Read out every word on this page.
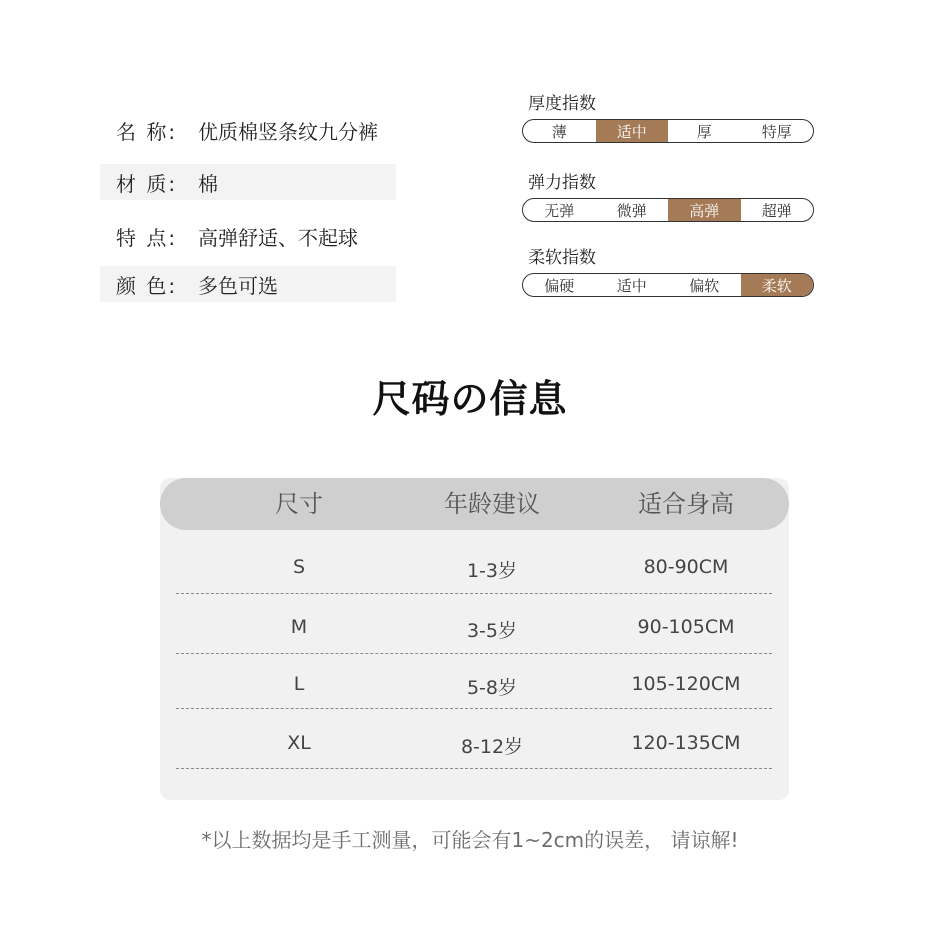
名 称:	优质棉竖条纹九分裤
材 质:	棉
特 点:	高弹舒适、不起球
颜 色:	多色可选
厚度指数
薄	适中	厚	特厚
弹力指数
无弹	微弹	高弹	超弹
柔软指数
偏硬	适中	偏软	柔软
尺码の信息
尺寸	年龄建议	适合身高
S	1-3岁	80-90CM
M	3-5岁	90-105CM
L	5-8岁	105-120CM
XL	8-12岁	120-135CM
*以上数据均是手工测量，可能会有1~2cm的误差， 请谅解!
